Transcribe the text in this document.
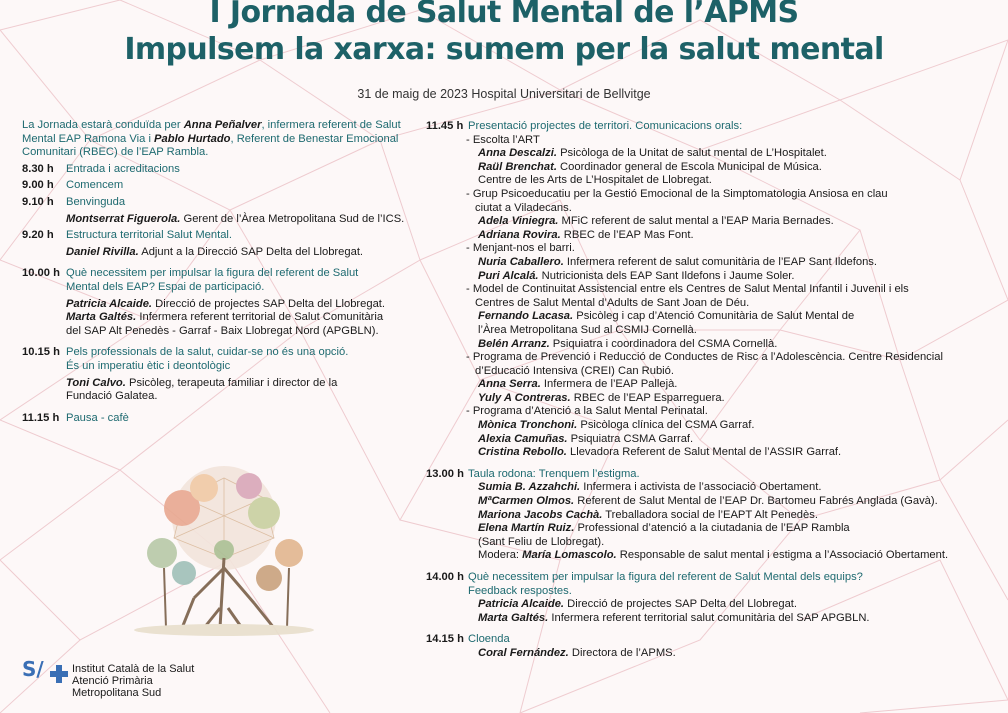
I Jornada de Salut Mental de l’APMS
Impulsem la xarxa: sumem per la salut mental
31 de maig de 2023 Hospital Universitari de Bellvitge
La Jornada estarà conduïda per Anna Peñalver, infermera referent de Salut Mental EAP Ramona Via i Pablo Hurtado, Referent de Benestar Emocional Comunitari (RBEC) de l’EAP Rambla.
8.30 h	Entrada i acreditacions
9.00 h	Comencem
9.10 h	Benvinguda
Montserrat Figuerola. Gerent de l’Àrea Metropolitana Sud de l’ICS.
9.20 h	Estructura territorial Salut Mental.
Daniel Rivilla. Adjunt a la Direcció SAP Delta del Llobregat.
10.00 h Què necessitem per impulsar la figura del referent de Salut
Mental dels EAP? Espai de participació.
Patricia Alcaide. Direcció de projectes SAP Delta del Llobregat.
Marta Galtés. Infermera referent territorial de Salut Comunitària
del SAP Alt Penedès - Garraf - Baix Llobregat Nord (APGBLN).
10.15 h Pels professionals de la salut, cuidar-se no és una opció.
És un imperatiu ètic i deontològic
Toni Calvo. Psicòleg, terapeuta familiar i director de la
Fundació Galatea.
11.15 h Pausa - cafè
S/	Institut Català de la Salut
Atenció Primària
Metropolitana Sud
11.45 h Presentació projectes de territori. Comunicacions orals:
- Escolta l’ART
Anna Descalzi. Psicòloga de la Unitat de salut mental de L’Hospitalet.
Raül Brenchat. Coordinador general de Escola Municipal de Música.
Centre de les Arts de L’Hospitalet de Llobregat.
- Grup Psicoeducatiu per la Gestió Emocional de la Simptomatologia Ansiosa en clau
ciutat a Viladecans.
Adela Viniegra. MFiC referent de salut mental a l’EAP Maria Bernades.
Adriana Rovira. RBEC de l’EAP Mas Font.
- Menjant-nos el barri.
Nuria Caballero. Infermera referent de salut comunitària de l’EAP Sant Ildefons.
Puri Alcalá. Nutricionista dels EAP Sant Ildefons i Jaume Soler.
- Model de Continuitat Assistencial entre els Centres de Salut Mental Infantil i Juvenil i els
Centres de Salut Mental d’Adults de Sant Joan de Déu.
Fernando Lacasa. Psicòleg i cap d’Atenció Comunitària de Salut Mental de
l’Àrea Metropolitana Sud al CSMIJ Cornellà.
Belén Arranz. Psiquiatra i coordinadora del CSMA Cornellà.
- Programa de Prevenció i Reducció de Conductes de Risc a l’Adolescència. Centre Residencial
d’Educació Intensiva (CREI) Can Rubió.
Anna Serra. Infermera de l’EAP Pallejà.
Yuly A Contreras. RBEC de l’EAP Esparreguera.
- Programa d’Atenció a la Salut Mental Perinatal.
Mònica Tronchoni. Psicòloga clínica del CSMA Garraf.
Alexia Camuñas. Psiquiatra CSMA Garraf.
Cristina Rebollo. Llevadora Referent de Salut Mental de l’ASSIR Garraf.
13.00 h Taula rodona: Trenquem l’estigma.
Sumia B. Azzahchi. Infermera i activista de l’associació Obertament.
MªCarmen Olmos. Referent de Salut Mental de l’EAP Dr. Bartomeu Fabrés Anglada (Gavà).
Mariona Jacobs Cachà. Treballadora social de l’EAPT Alt Penedès.
Elena Martín Ruiz. Professional d’atenció a la ciutadania de l’EAP Rambla
(Sant Feliu de Llobregat).
Modera: María Lomascolo. Responsable de salut mental i estigma a l’Associació Obertament.
14.00 h Què necessitem per impulsar la figura del referent de Salut Mental dels equips?
Feedback respostes.
Patricia Alcaide. Direcció de projectes SAP Delta del Llobregat.
Marta Galtés. Infermera referent territorial salut comunitària del SAP APGBLN.
14.15 h Cloenda
Coral Fernández. Directora de l’APMS.
